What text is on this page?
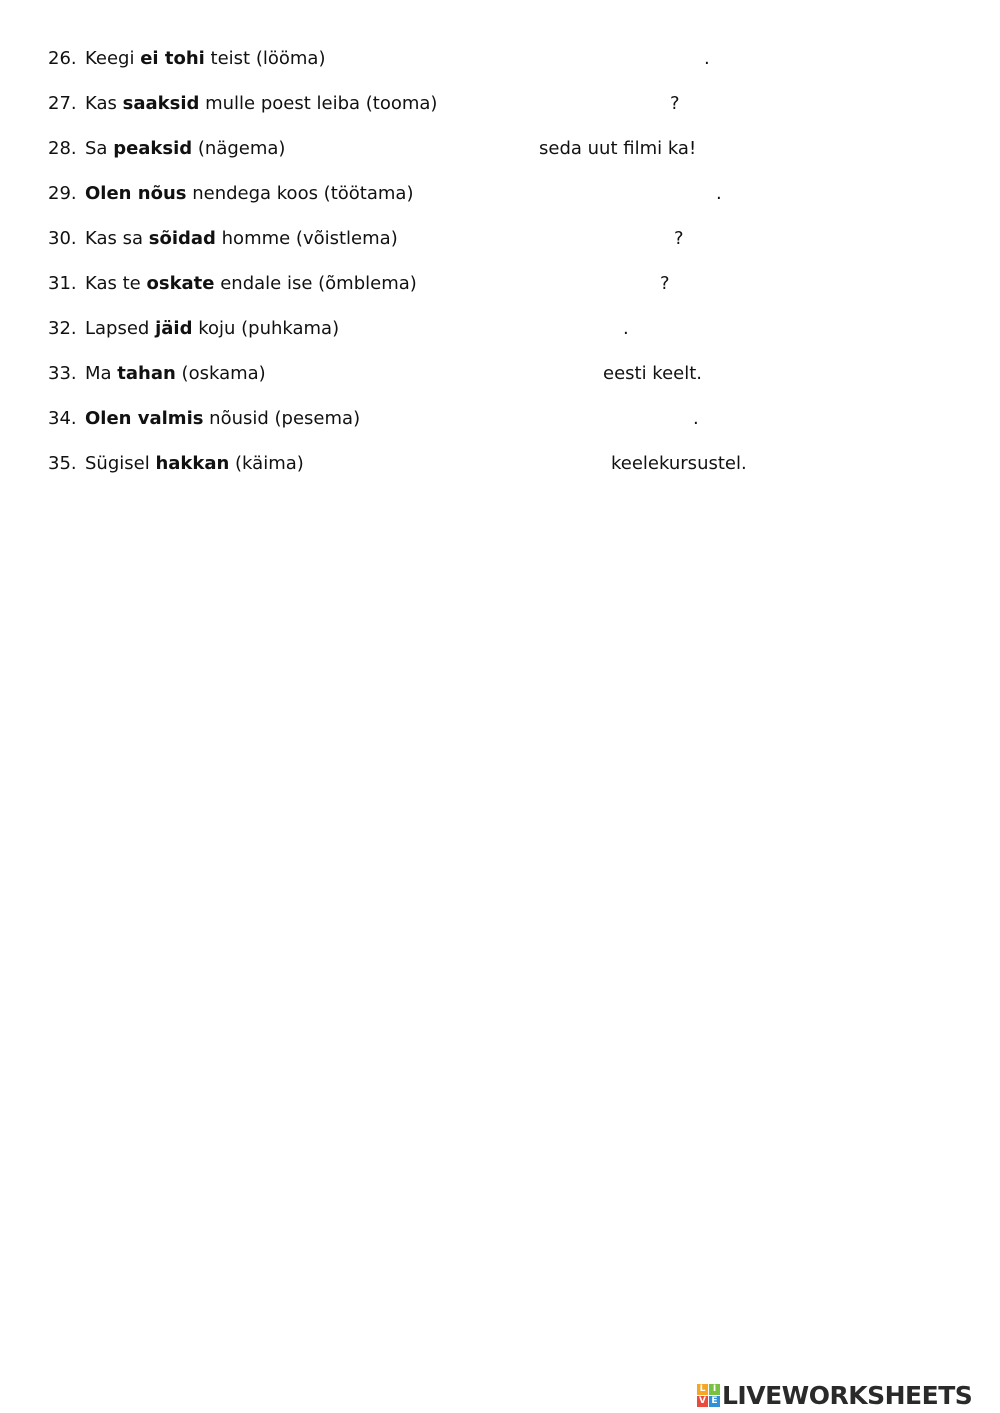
26. Keegi ei tohi teist (lööma)	.
27. Kas saaksid mulle poest leiba (tooma)	?
28. Sa peaksid (nägema)	seda uut filmi ka!
29. Olen nõus nendega koos (töötama)	.
30. Kas sa sõidad homme (võistlema)	?
31. Kas te oskate endale ise (õmblema)	?
32. Lapsed jäid koju (puhkama)	.
33. Ma tahan (oskama)	eesti keelt.
34. Olen valmis nõusid (pesema)	.
35. Sügisel hakkan (käima)	keelekursustel.
L I
V E LIVEWORKSHEETS
